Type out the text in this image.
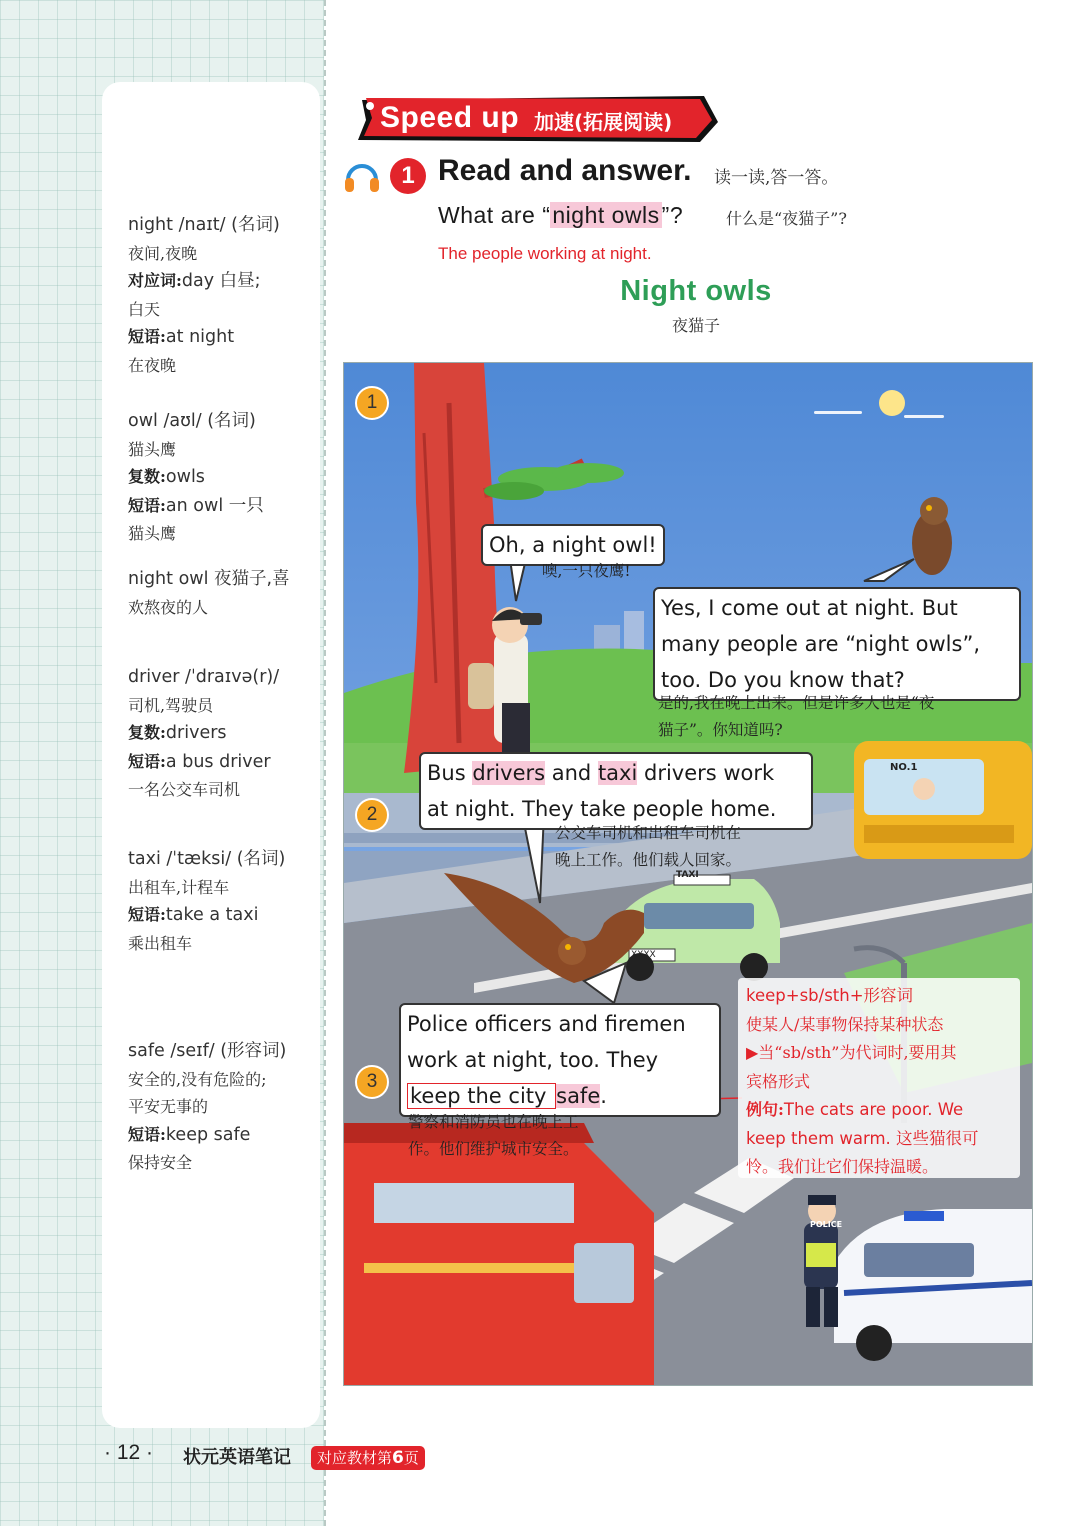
night /naɪt/ (名词)
夜间,夜晚
对应词:day 白昼;
白天
短语:at night
在夜晚
owl /aʊl/ (名词)
猫头鹰
复数:owls
短语:an owl 一只
猫头鹰
night owl 夜猫子,喜
欢熬夜的人
driver /ˈdraɪvə(r)/
司机,驾驶员
复数:drivers
短语:a bus driver
一名公交车司机
taxi /ˈtæksi/ (名词)
出租车,计程车
短语:take a taxi
乘出租车
safe /seɪf/ (形容词)
安全的,没有危险的;
平安无事的
短语:keep safe
保持安全
Speed up 加速(拓展阅读)
1 Read and answer. 读一读,答一答。
What are “night owls”?	什么是“夜猫子”?
The people working at night.
Night owls
夜猫子
1
2
3
Oh, a night owl!
噢,一只夜鹰!
Yes, I come out at night. But
many people are “night owls”,
too. Do you know that?
是的,我在晚上出来。但是许多人也是“夜
猫子”。你知道吗?
Bus drivers and taxi drivers work
at night. They take people home.
公交车司机和出租车司机在
晚上工作。他们载人回家。
NO.1
TAXI
XXXX
Police officers and firemen
work at night, too. They
keep the city safe.
警察和消防员也在晚上工
作。他们维护城市安全。
POLICE
keep+sb/sth+形容词
使某人/某事物保持某种状态
▶当“sb/sth”为代词时,要用其
宾格形式
例句:The cats are poor. We
keep them warm. 这些猫很可
怜。我们让它们保持温暖。
· 12 · 状元英语笔记	对应教材第6页
